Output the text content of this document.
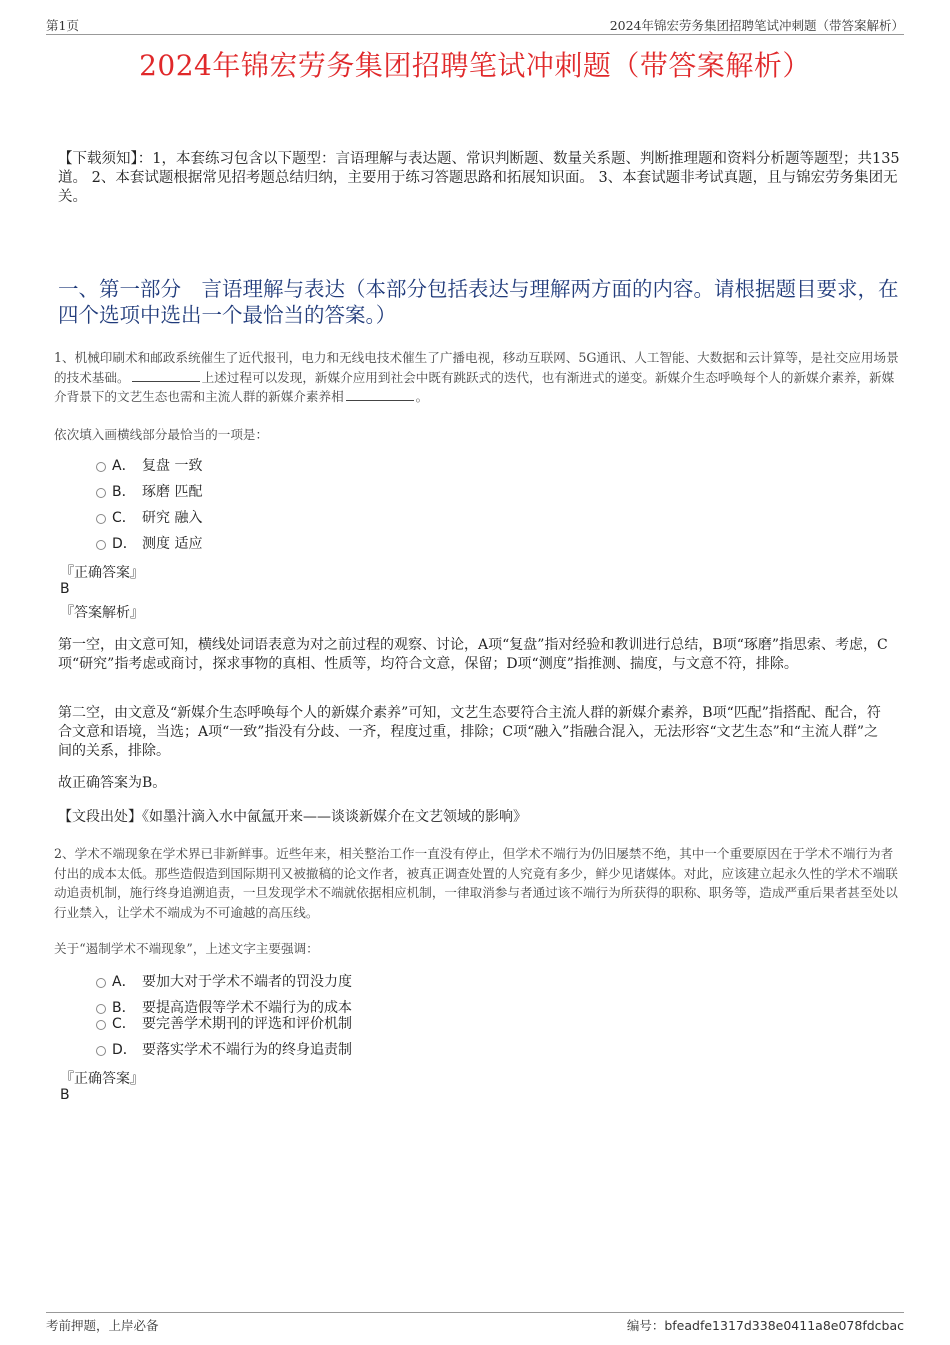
第1页	2024年锦宏劳务集团招聘笔试冲刺题（带答案解析）
2024年锦宏劳务集团招聘笔试冲刺题（带答案解析）
【下载须知】：1，本套练习包含以下题型：言语理解与表达题、常识判断题、数量关系题、判断推理题和资料分析题等题型；共135道。 2、本套试题根据常见招考题总结归纳，主要用于练习答题思路和拓展知识面。 3、本套试题非考试真题，且与锦宏劳务集团无关。
一、第一部分　言语理解与表达（本部分包括表达与理解两方面的内容。请根据题目要求，在四个选项中选出一个最恰当的答案。）
1、机械印刷术和邮政系统催生了近代报刊，电力和无线电技术催生了广播电视，移动互联网、5G通讯、人工智能、大数据和云计算等，是社交应用场景的技术基础。	上述过程可以发现，新媒介应用到社会中既有跳跃式的迭代，也有渐进式的递变。新媒介生态呼唤每个人的新媒介素养，新媒介背景下的文艺生态也需和主流人群的新媒介素养相	。
依次填入画横线部分最恰当的一项是：
A． 复盘 一致
B． 琢磨 匹配
C． 研究 融入
D． 测度 适应
『正确答案』
B
『答案解析』
第一空，由文意可知，横线处词语表意为对之前过程的观察、讨论，A项“复盘”指对经验和教训进行总结，B项“琢磨”指思索、考虑，C项“研究”指考虑或商讨，探求事物的真相、性质等，均符合文意，保留；D项“测度”指推测、揣度，与文意不符，排除。
第二空，由文意及“新媒介生态呼唤每个人的新媒介素养”可知，文艺生态要符合主流人群的新媒介素养，B项“匹配”指搭配、配合，符合文意和语境，当选；A项“一致”指没有分歧、一齐，程度过重，排除；C项“融入”指融合混入，无法形容“文艺生态”和“主流人群”之间的关系，排除。
故正确答案为B。
【文段出处】《如墨汁滴入水中氤氲开来——谈谈新媒介在文艺领域的影响》
2、学术不端现象在学术界已非新鲜事。近些年来，相关整治工作一直没有停止，但学术不端行为仍旧屡禁不绝，其中一个重要原因在于学术不端行为者付出的成本太低。那些造假造到国际期刊又被撤稿的论文作者，被真正调查处置的人究竟有多少，鲜少见诸媒体。对此，应该建立起永久性的学术不端联动追责机制，施行终身追溯追责，一旦发现学术不端就依据相应机制，一律取消参与者通过该不端行为所获得的职称、职务等，造成严重后果者甚至处以行业禁入，让学术不端成为不可逾越的高压线。
关于“遏制学术不端现象”，上述文字主要强调：
A． 要加大对于学术不端者的罚没力度
B． 要提高造假等学术不端行为的成本
C． 要完善学术期刊的评选和评价机制
D． 要落实学术不端行为的终身追责制
『正确答案』
B
考前押题，上岸必备	编号：bfeadfe1317d338e0411a8e078fdcbac
